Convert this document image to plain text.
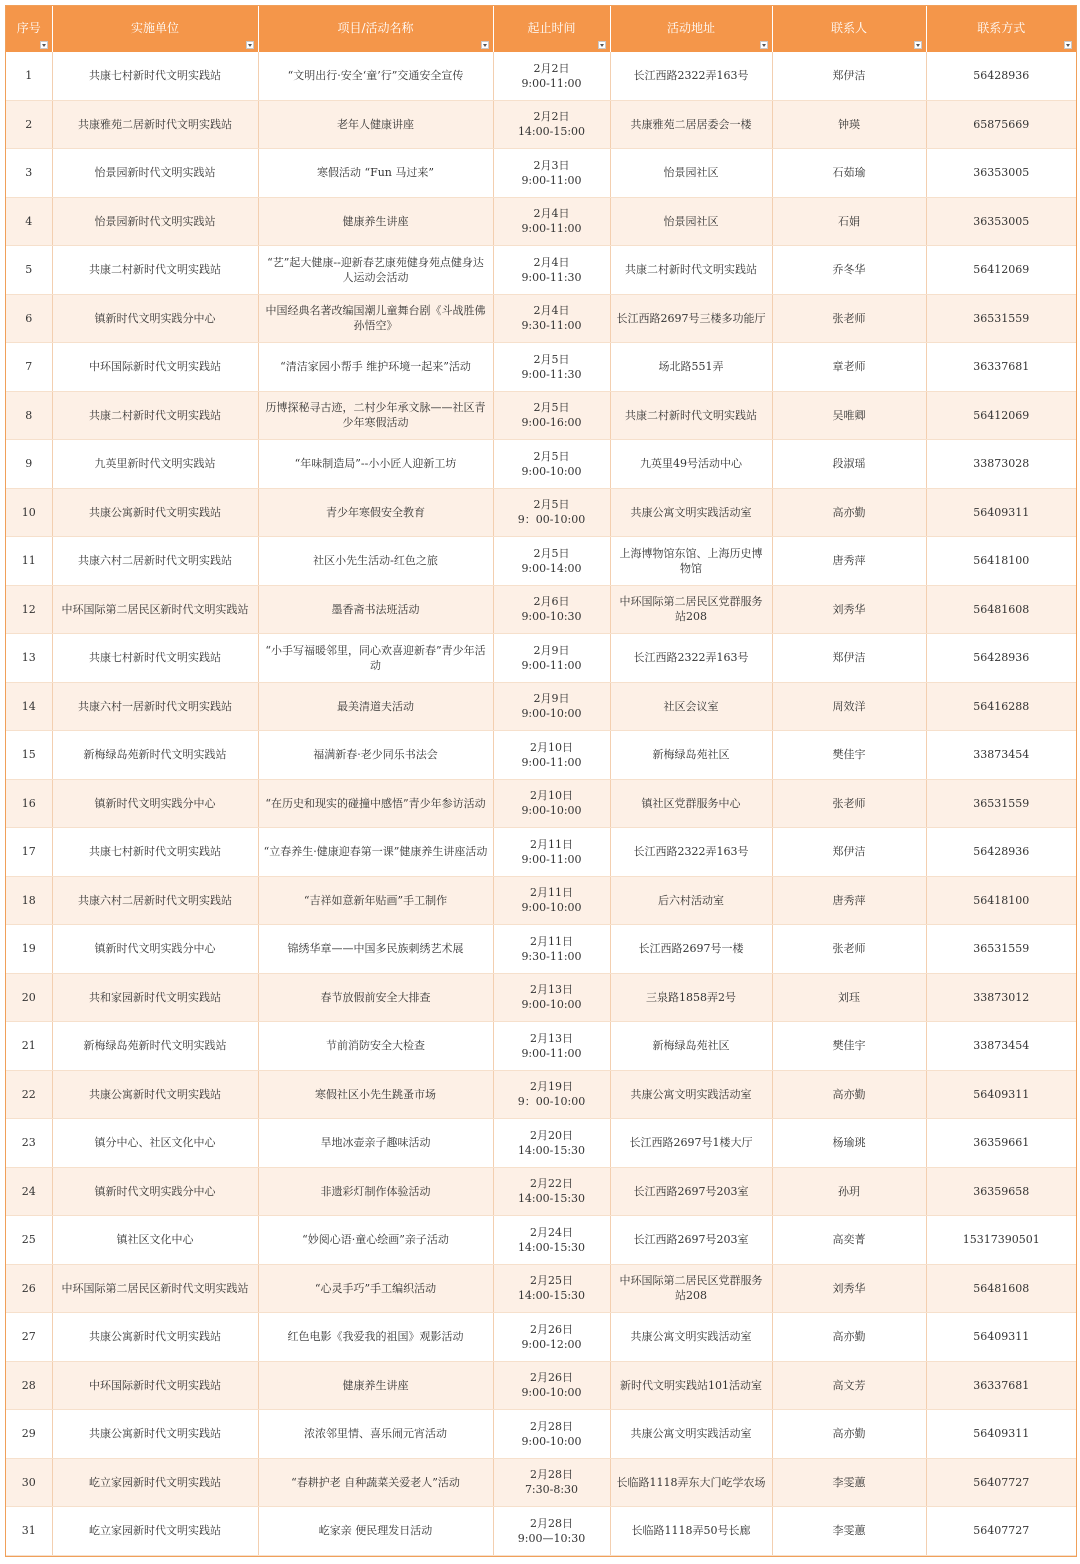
序号	实施单位	项目/活动名称	起止时间	活动地址	联系人	联系方式

1	共康七村新时代文明实践站	“文明出行·安全‘童’行”交通安全宣传	2月2日
9:00-11:00	长江西路2322弄163号	郑伊洁	56428936

2	共康雅苑二居新时代文明实践站	老年人健康讲座	2月2日
14:00-15:00	共康雅苑二居居委会一楼	钟瑛	65875669

3	怡景园新时代文明实践站	寒假活动 “Fun 马过来”	2月3日
9:00-11:00	怡景园社区	石茹瑜	36353005

4	怡景园新时代文明实践站	健康养生讲座	2月4日
9:00-11:00	怡景园社区	石娟	36353005

5	共康二村新时代文明实践站	“艺”起大健康--迎新春艺康苑健身苑点健身达人运动会活动	2月4日
9:00-11:30	共康二村新时代文明实践站	乔冬华	56412069

6	镇新时代文明实践分中心	中国经典名著改编国潮儿童舞台剧《斗战胜佛孙悟空》	2月4日
9:30-11:00	长江西路2697号三楼多功能厅	张老师	36531559

7	中环国际新时代文明实践站	“清洁家园小帮手 维护环境一起来”活动	2月5日
9:00-11:30	场北路551弄	章老师	36337681

8	共康二村新时代文明实践站	历博探秘寻古迹，二村少年承文脉——社区青少年寒假活动	2月5日
9:00-16:00	共康二村新时代文明实践站	吴唯卿	56412069

9	九英里新时代文明实践站	“年味制造局”--小小匠人迎新工坊	2月5日
9:00-10:00	九英里49号活动中心	段淑瑶	33873028

10	共康公寓新时代文明实践站	青少年寒假安全教育	2月5日
9：00-10:00	共康公寓文明实践活动室	高亦勤	56409311

11	共康六村二居新时代文明实践站	社区小先生活动-红色之旅	2月5日
9:00-14:00	上海博物馆东馆、上海历史博物馆	唐秀萍	56418100

12	中环国际第二居民区新时代文明实践站	墨香斋书法班活动	2月6日
9:00-10:30	中环国际第二居民区党群服务站208	刘秀华	56481608

13	共康七村新时代文明实践站	“小手写福暖邻里，同心欢喜迎新春”青少年活动	2月9日
9:00-11:00	长江西路2322弄163号	郑伊洁	56428936

14	共康六村一居新时代文明实践站	最美清道夫活动	2月9日
9:00-10:00	社区会议室	周效洋	56416288

15	新梅绿岛苑新时代文明实践站	福满新春·老少同乐书法会	2月10日
9:00-11:00	新梅绿岛苑社区	樊佳宇	33873454

16	镇新时代文明实践分中心	“在历史和现实的碰撞中感悟”青少年参访活动	2月10日
9:00-10:00	镇社区党群服务中心	张老师	36531559

17	共康七村新时代文明实践站	“立春养生·健康迎春第一课”健康养生讲座活动	2月11日
9:00-11:00	长江西路2322弄163号	郑伊洁	56428936

18	共康六村二居新时代文明实践站	“吉祥如意新年贴画”手工制作	2月11日
9:00-10:00	后六村活动室	唐秀萍	56418100

19	镇新时代文明实践分中心	锦绣华章——中国多民族刺绣艺术展	2月11日
9:30-11:00	长江西路2697号一楼	张老师	36531559

20	共和家园新时代文明实践站	春节放假前安全大排查	2月13日
9:00-10:00	三泉路1858弄2号	刘珏	33873012

21	新梅绿岛苑新时代文明实践站	节前消防安全大检查	2月13日
9:00-11:00	新梅绿岛苑社区	樊佳宇	33873454

22	共康公寓新时代文明实践站	寒假社区小先生跳蚤市场	2月19日
9：00-10:00	共康公寓文明实践活动室	高亦勤	56409311

23	镇分中心、社区文化中心	旱地冰壶亲子趣味活动	2月20日
14:00-15:30	长江西路2697号1楼大厅	杨瑜珧	36359661

24	镇新时代文明实践分中心	非遗彩灯制作体验活动	2月22日
14:00-15:30	长江西路2697号203室	孙玥	36359658

25	镇社区文化中心	“妙阅心语·童心绘画”亲子活动	2月24日
14:00-15:30	长江西路2697号203室	高奕菁	15317390501

26	中环国际第二居民区新时代文明实践站	“心灵手巧”手工编织活动	2月25日
14:00-15:30	中环国际第二居民区党群服务站208	刘秀华	56481608

27	共康公寓新时代文明实践站	红色电影《我爱我的祖国》观影活动	2月26日
9:00-12:00	共康公寓文明实践活动室	高亦勤	56409311

28	中环国际新时代文明实践站	健康养生讲座	2月26日
9:00-10:00	新时代文明实践站101活动室	高文芳	36337681

29	共康公寓新时代文明实践站	浓浓邻里情、喜乐闹元宵活动	2月28日
9:00-10:00	共康公寓文明实践活动室	高亦勤	56409311

30	屹立家园新时代文明实践站	“春耕护老 自种蔬菜关爱老人”活动	2月28日
7:30-8:30	长临路1118弄东大门屹学农场	李雯蕙	56407727

31	屹立家园新时代文明实践站	屹家亲 便民理发日活动	2月28日
9:00—10:30	长临路1118弄50号长廊	李雯蕙	56407727
